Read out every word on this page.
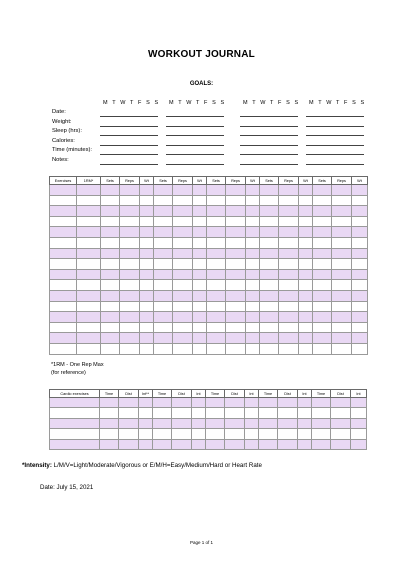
WORKOUT JOURNAL
GOALS:
M T W T F S S M T W T F S S	M T W T F S S M T W T F S S
Date:
Weight:
Sleep (hrs):
Calories:
Time (minutes):
Notes:
Exercises	1RM*	Sets	Reps	Wt	Sets	Reps	Wt	Sets	Reps	Wt	Sets	Reps	Wt	Sets	Reps	Wt

*1RM - One Rep Max
(for reference)
Cardio exercises	Time	Dist	Int**	Time	Dist	Int	Time	Dist	Int	Time	Dist	Int	Time	Dist	Int

*Intensity: L/M/V=Light/Moderate/Vigorous or E/M/H=Easy/Medium/Hard or Heart Rate
Date: July 15, 2021
Page 1 of 1
